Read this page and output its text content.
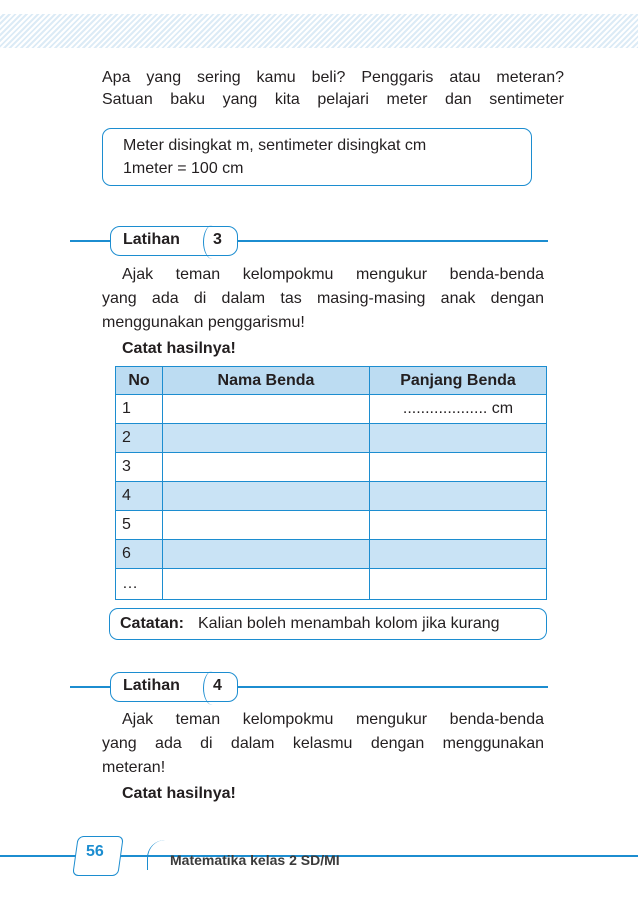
Apa yang sering kamu beli? Penggaris atau meteran?
Satuan baku yang kita pelajari meter dan sentimeter
Meter disingkat m, sentimeter disingkat cm
1meter = 100 cm
Latihan 3
Ajak teman kelompokmu mengukur benda-benda
yang ada di dalam tas masing-masing anak dengan
menggunakan penggarismu!
Catat hasilnya!
No	Nama Benda	Panjang Benda
1		................... cm
2		
3		
4		
5		
6		
…		
Catatan: Kalian boleh menambah kolom jika kurang
Latihan 4
Ajak teman kelompokmu mengukur benda-benda
yang ada di dalam kelasmu dengan menggunakan
meteran!
Catat hasilnya!
56	Matematika kelas 2 SD/MI
